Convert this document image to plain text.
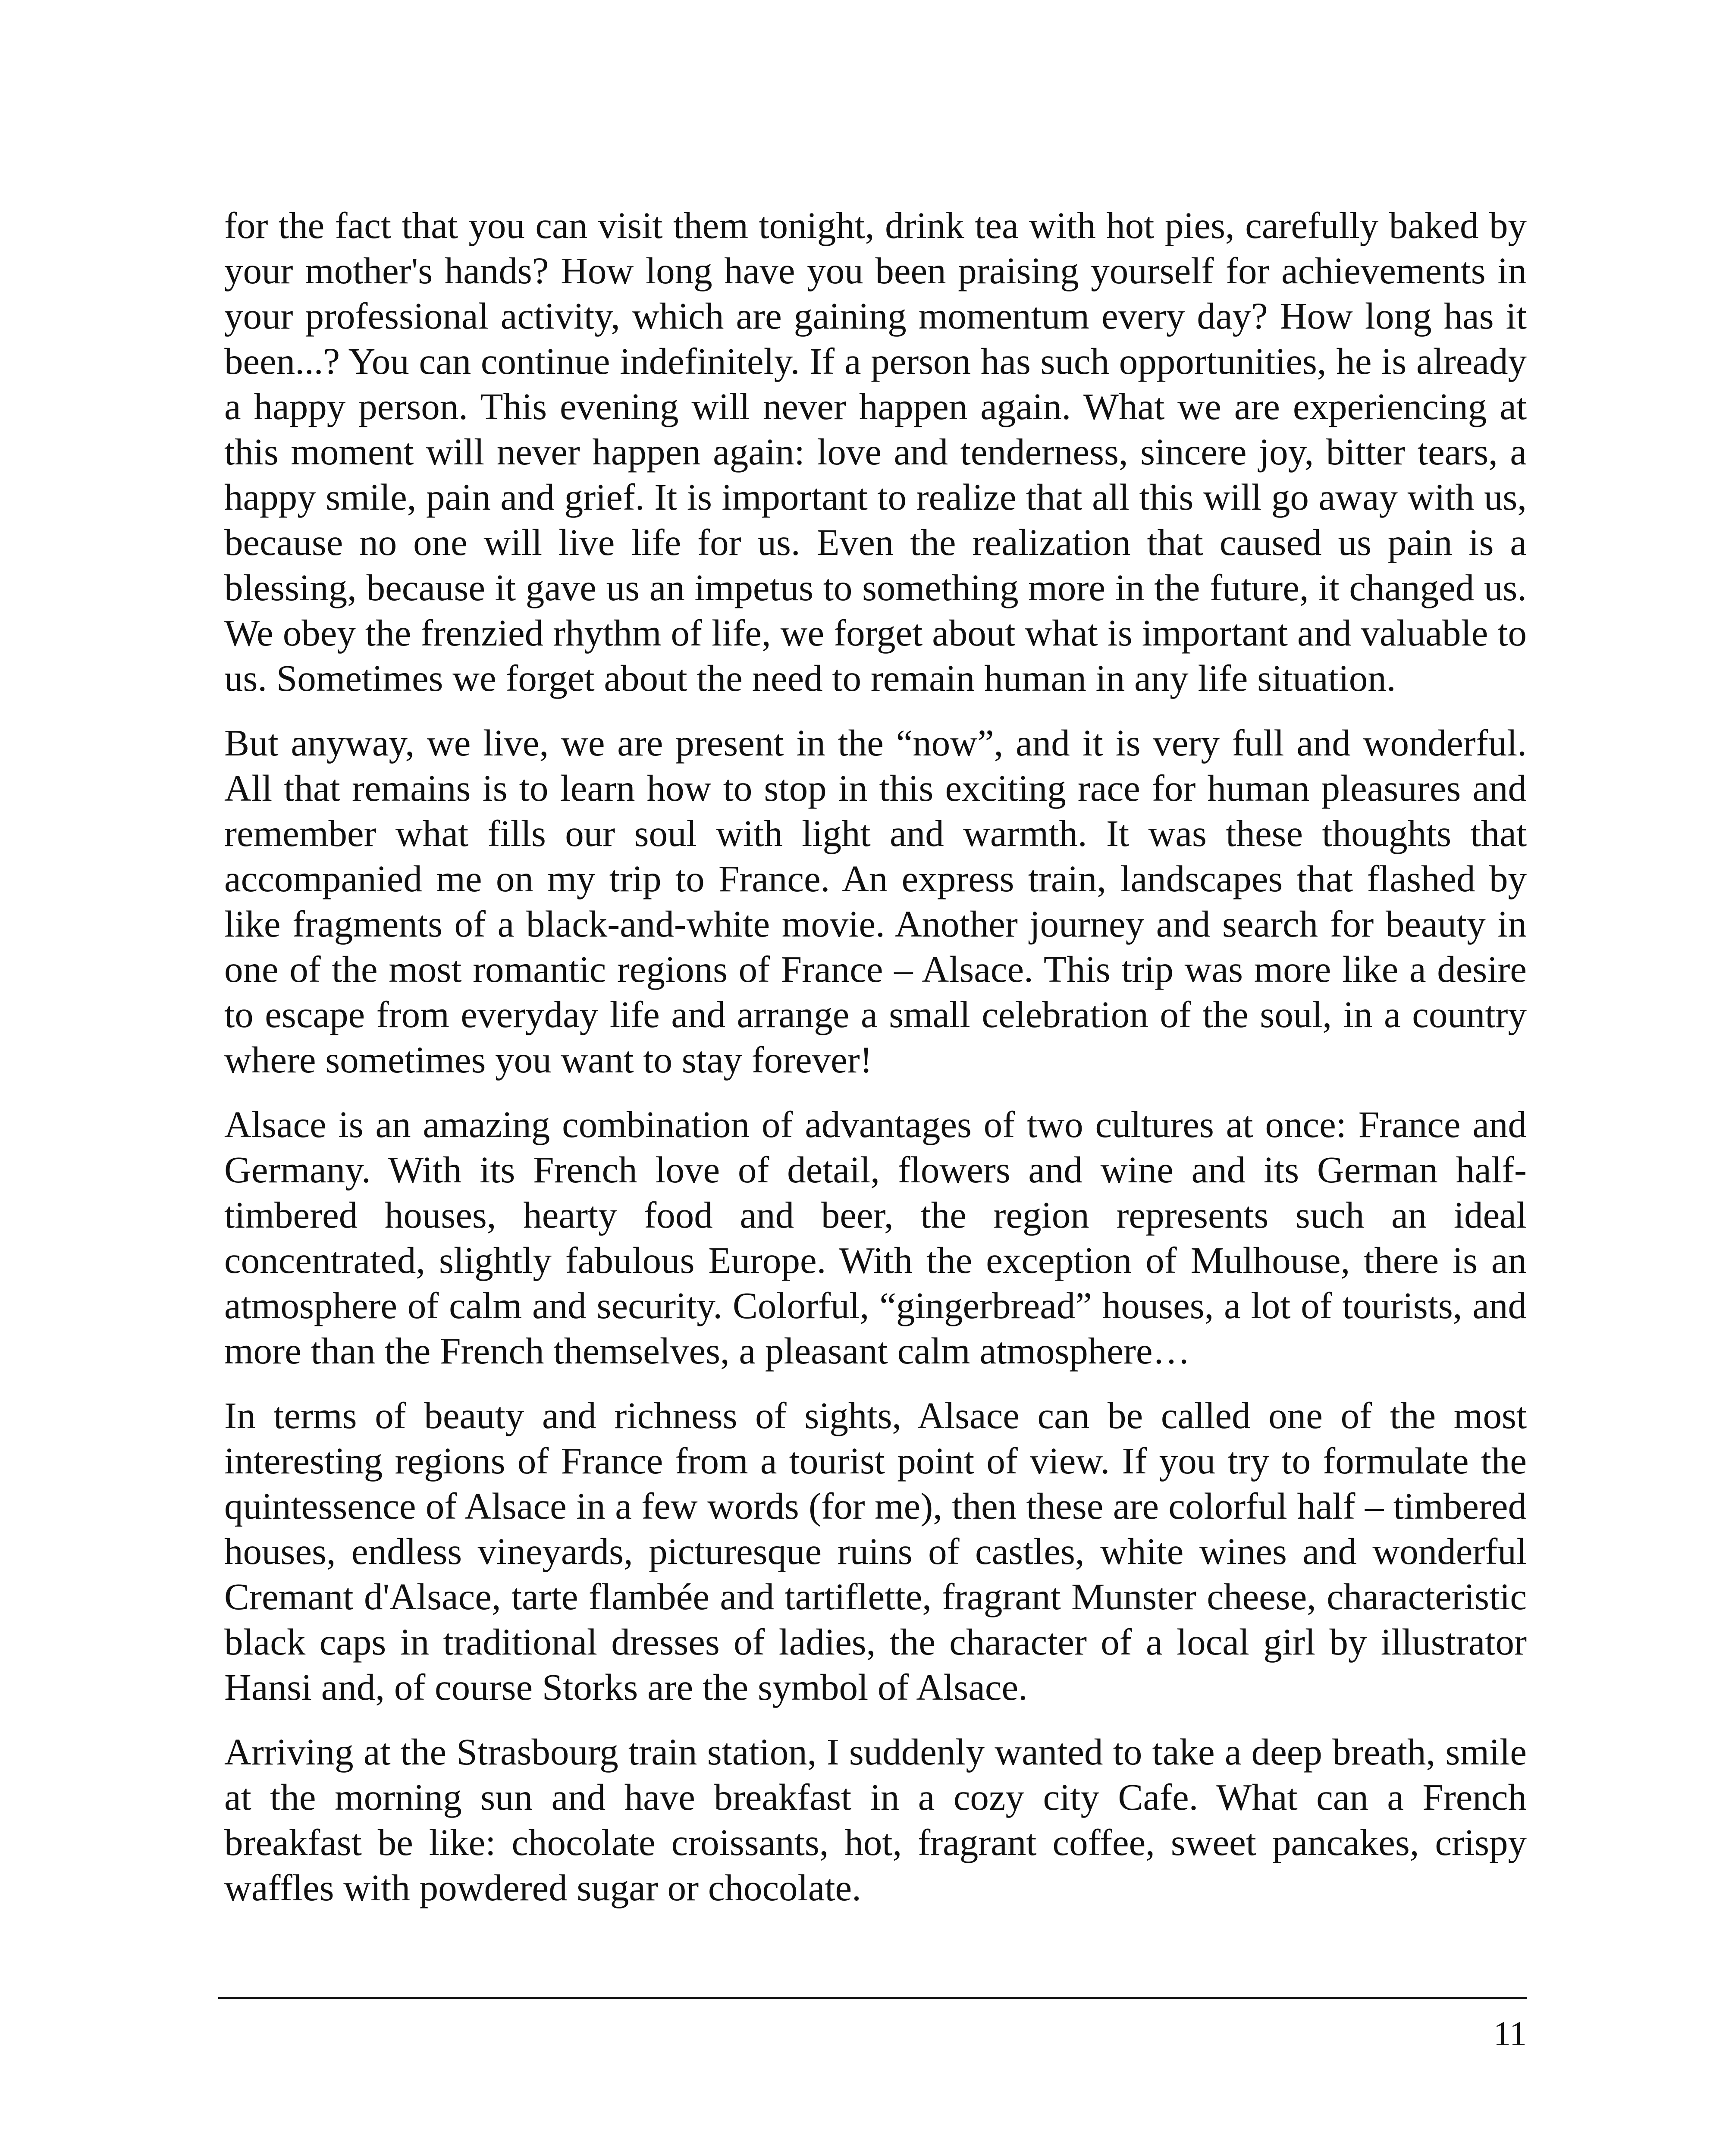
for the fact that you can visit them tonight, drink tea with hot pies, carefully baked by your mother's hands? How long have you been praising yourself for achievements in your professional activity, which are gaining momentum every day? How long has it been...? You can continue indefinitely. If a person has such opportunities, he is already a happy person. This evening will never happen again. What we are experiencing at this moment will never happen again: love and tenderness, sincere joy, bitter tears, a happy smile, pain and grief. It is important to realize that all this will go away with us, because no one will live life for us. Even the realization that caused us pain is a blessing, because it gave us an impetus to something more in the future, it changed us. We obey the frenzied rhythm of life, we forget about what is important and valuable to us. Sometimes we forget about the need to remain human in any life situation.

But anyway, we live, we are present in the “now”, and it is very full and wonderful. All that remains is to learn how to stop in this exciting race for human pleasures and remember what fills our soul with light and warmth. It was these thoughts that accompanied me on my trip to France. An express train, landscapes that flashed by like fragments of a black-and-white movie. Another journey and search for beauty in one of the most romantic regions of France – Alsace. This trip was more like a desire to escape from everyday life and arrange a small celebration of the soul, in a country where sometimes you want to stay forever!

Alsace is an amazing combination of advantages of two cultures at once: France and Germany. With its French love of detail, flowers and wine and its German half-timbered houses, hearty food and beer, the region represents such an ideal concentrated, slightly fabulous Europe. With the exception of Mulhouse, there is an atmosphere of calm and security. Colorful, “gingerbread” houses, a lot of tourists, and more than the French themselves, a pleasant calm atmosphere…

In terms of beauty and richness of sights, Alsace can be called one of the most interesting regions of France from a tourist point of view. If you try to formulate the quintessence of Alsace in a few words (for me), then these are colorful half – timbered houses, endless vineyards, picturesque ruins of castles, white wines and wonderful Cremant d'Alsace, tarte flambée and tartiflette, fragrant Munster cheese, characteristic black caps in traditional dresses of ladies, the character of a local girl by illustrator Hansi and, of course Storks are the symbol of Alsace.

Arriving at the Strasbourg train station, I suddenly wanted to take a deep breath, smile at the morning sun and have breakfast in a cozy city Cafe. What can a French breakfast be like: chocolate croissants, hot, fragrant coffee, sweet pancakes, crispy waffles with powdered sugar or chocolate.

11
